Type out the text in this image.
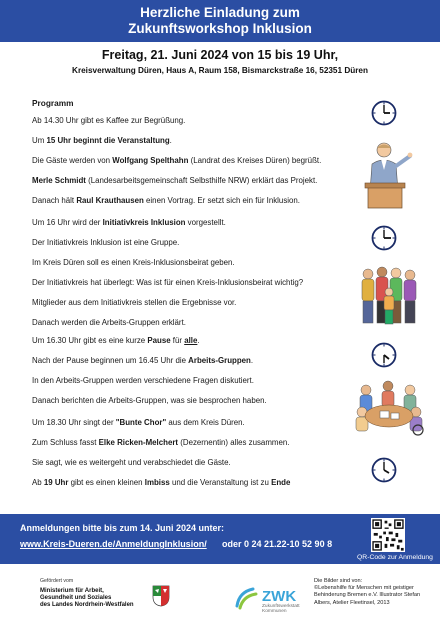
Herzliche Einladung zum
Zukunftsworkshop Inklusion
Freitag, 21. Juni 2024 von 15 bis 19 Uhr,
Kreisverwaltung Düren, Haus A, Raum 158, Bismarckstraße 16, 52351 Düren
Programm
Ab 14.30 Uhr gibt es Kaffee zur Begrüßung.
Um 15 Uhr beginnt die Veranstaltung.
Die Gäste werden von Wolfgang Spelthahn (Landrat des Kreises Düren) begrüßt.
Merle Schmidt (Landesarbeitsgemeinschaft Selbsthilfe NRW) erklärt das Projekt.
Danach hält Raul Krauthausen einen Vortrag. Er setzt sich ein für Inklusion.
Um 16 Uhr wird der Initiativkreis Inklusion vorgestellt.
Der Initiativkreis Inklusion ist eine Gruppe.
Im Kreis Düren soll es einen Kreis-Inklusionsbeirat geben.
Der Initiativkreis hat überlegt: Was ist für einen Kreis-Inklusionsbeirat wichtig?
Mitglieder aus dem Initiativkreis stellen die Ergebnisse vor.
Danach werden die Arbeits-Gruppen erklärt.
Um 16.30 Uhr gibt es eine kurze Pause für alle.
Nach der Pause beginnen um 16.45 Uhr die Arbeits-Gruppen.
In den Arbeits-Gruppen werden verschiedene Fragen diskutiert.
Danach berichten die Arbeits-Gruppen, was sie besprochen haben.
Um 18.30 Uhr singt der "Bunte Chor" aus dem Kreis Düren.
Zum Schluss fasst Elke Ricken-Melchert (Dezernentin) alles zusammen.
Sie sagt, wie es weitergeht und verabschiedet die Gäste.
Ab 19 Uhr gibt es einen kleinen Imbiss und die Veranstaltung ist zu Ende
Anmeldungen bitte bis zum 14. Juni 2024 unter:
www.Kreis-Dueren.de/AnmeldungInklusion/ oder 0 24 21.22-10 52 90 8
QR-Code zur Anmeldung
Gefördert vom
Ministerium für Arbeit,
Gesundheit und Soziales
des Landes Nordrhein-Westfalen	ZWK
Zukunftswerkstatt
Kommunen
Die Bilder sind von:
©Lebenshilfe für Menschen mit geistiger
Behinderung Bremen e.V. Illustrator Stefan
Albers, Atelier Fleetinsel, 2013
